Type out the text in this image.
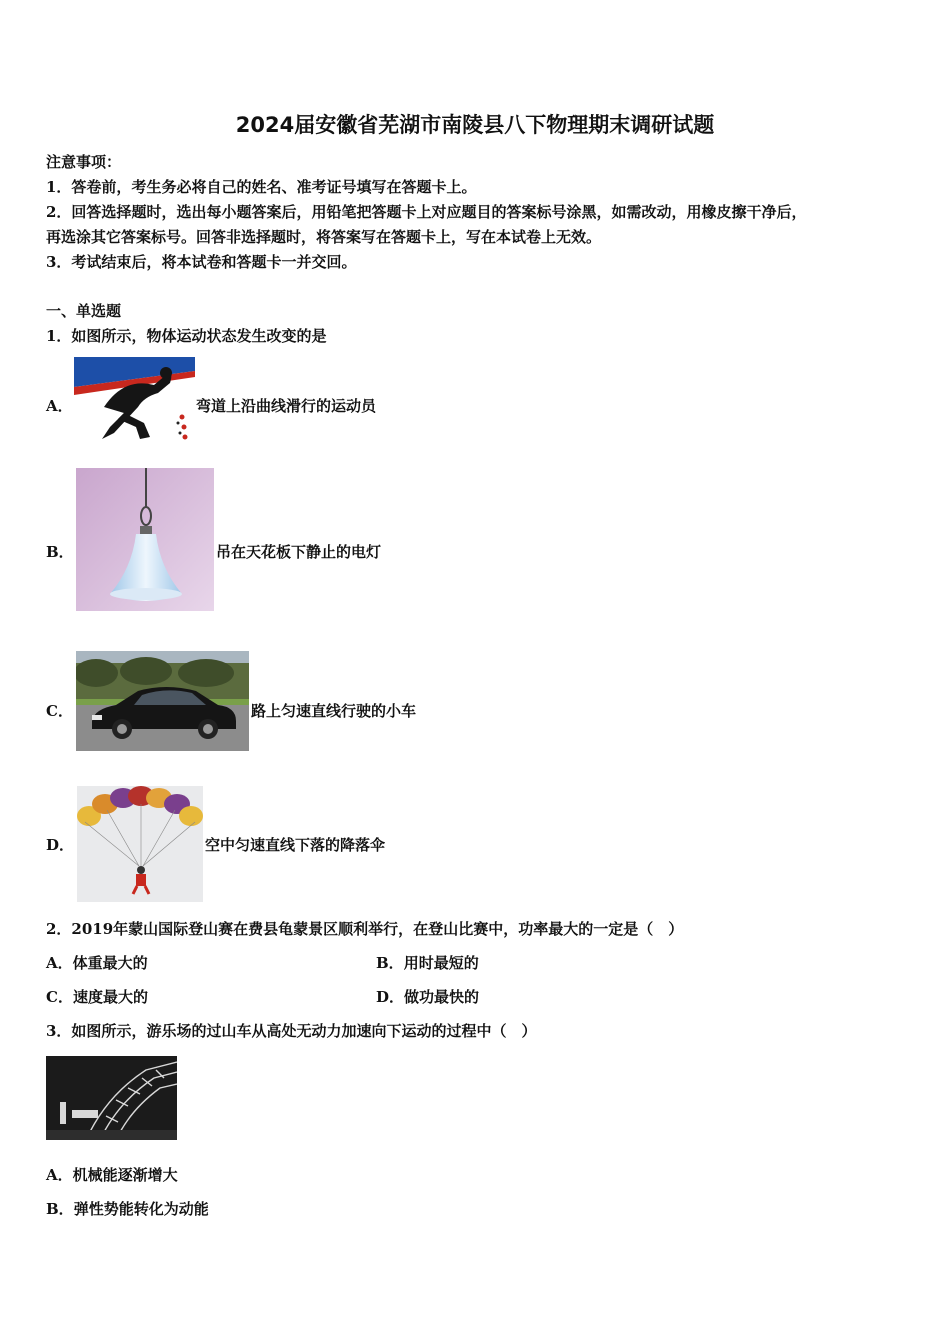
2024届安徽省芜湖市南陵县八下物理期末调研试题
注意事项：
1．答卷前，考生务必将自己的姓名、准考证号填写在答题卡上。
2．回答选择题时，选出每小题答案后，用铅笔把答题卡上对应题目的答案标号涂黑，如需改动，用橡皮擦干净后，
再选涂其它答案标号。回答非选择题时，将答案写在答题卡上，写在本试卷上无效。
3．考试结束后，将本试卷和答题卡一并交回。
一、单选题
1．如图所示，物体运动状态发生改变的是
A．	弯道上沿曲线滑行的运动员
B．	吊在天花板下静止的电灯
C．	路上匀速直线行驶的小车
D．	空中匀速直线下落的降落伞
2．2019年蒙山国际登山赛在费县龟蒙景区顺利举行，在登山比赛中，功率最大的一定是（　）
A．体重最大的	B．用时最短的
C．速度最大的	D．做功最快的
3．如图所示，游乐场的过山车从高处无动力加速向下运动的过程中（　）
A．机械能逐渐增大
B．弹性势能转化为动能
